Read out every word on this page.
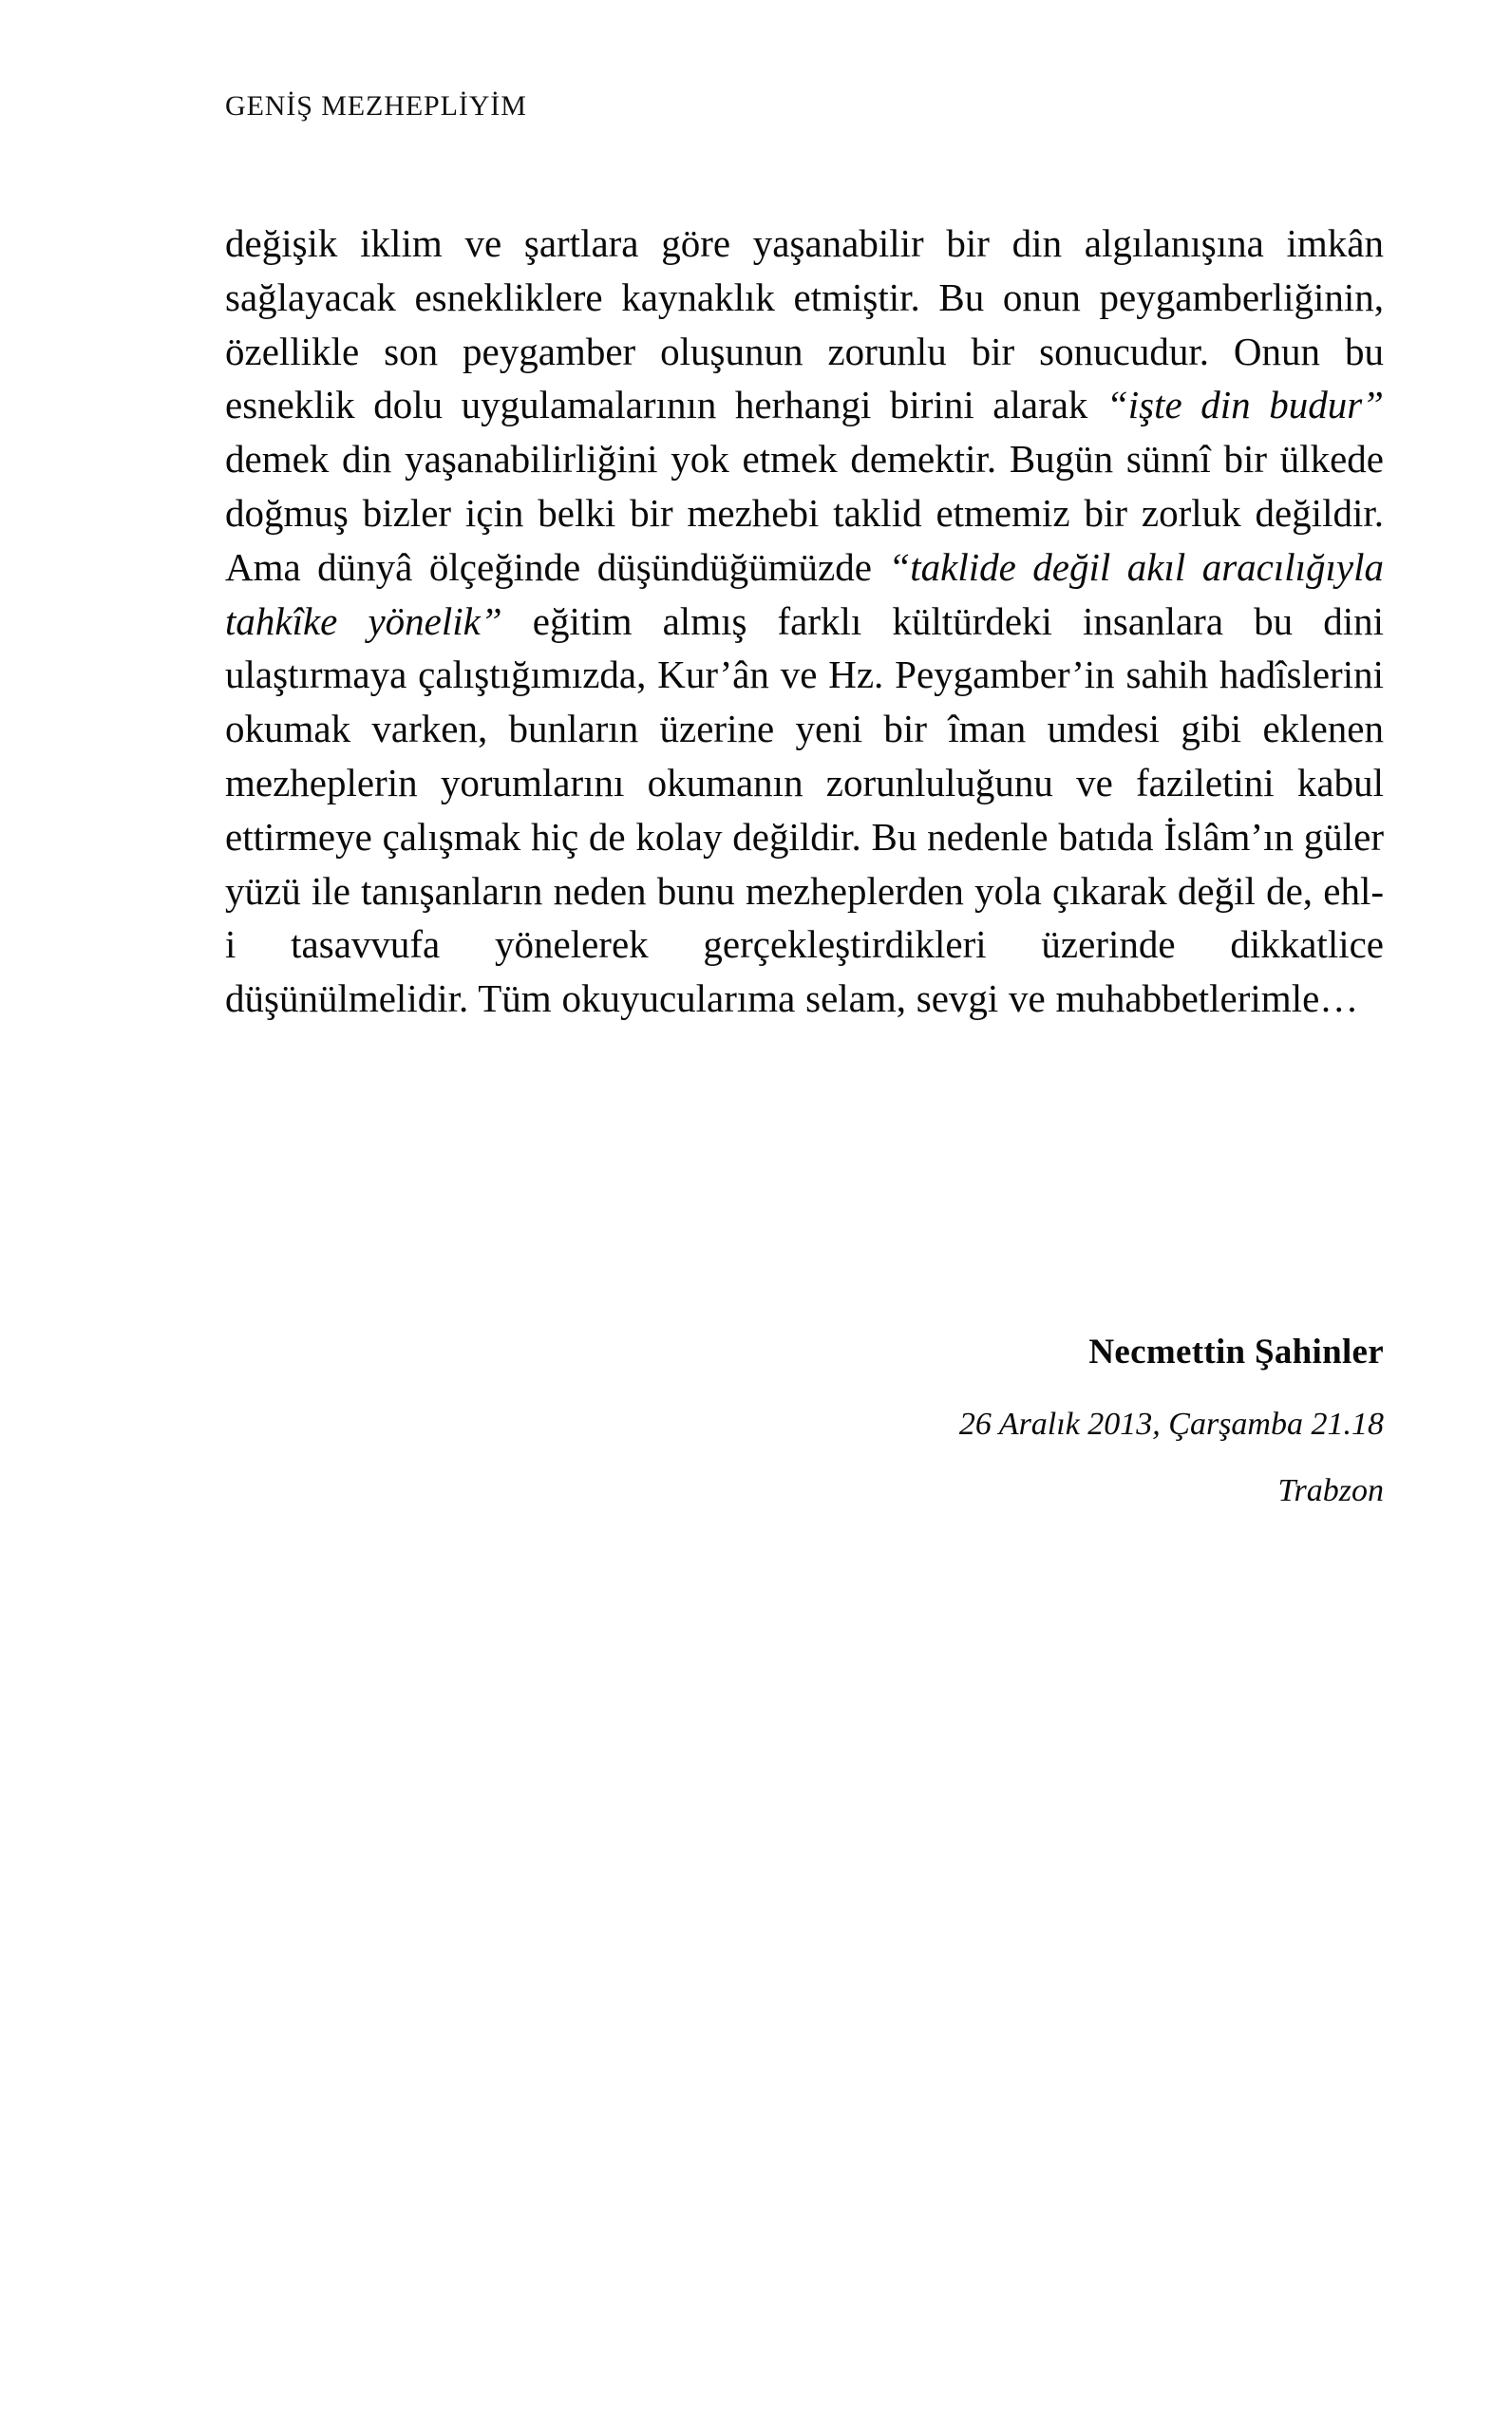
GENİŞ MEZHEPLİYİM

değişik iklim ve şartlara göre yaşanabilir bir din algılanışına imkân sağlayacak esnekliklere kaynaklık etmiştir. Bu onun peygamberliğinin, özellikle son peygamber oluşunun zorunlu bir sonucudur. Onun bu esneklik dolu uygulamalarının herhangi birini alarak “işte din budur” demek din yaşanabilirliğini yok etmek demektir. Bugün sünnî bir ülkede doğmuş bizler için belki bir mezhebi taklid etmemiz bir zorluk değildir. Ama dünyâ ölçeğinde düşündüğümüzde “taklide değil akıl aracılığıyla tahkîke yönelik” eğitim almış farklı kültürdeki insanlara bu dini ulaştırmaya çalıştığımızda, Kur’ân ve Hz. Peygamber’in sahih hadîslerini okumak varken, bunların üzerine yeni bir îman umdesi gibi eklenen mezheplerin yorumlarını okumanın zorunluluğunu ve faziletini kabul ettirmeye çalışmak hiç de kolay değildir. Bu nedenle batıda İslâm’ın güler yüzü ile tanışanların neden bunu mezheplerden yola çıkarak değil de, ehl-i tasavvufa yönelerek gerçekleştirdikleri üzerinde dikkatlice düşünülmelidir. Tüm okuyucularıma selam, sevgi ve muhabbetlerimle…

Necmettin Şahinler
26 Aralık 2013, Çarşamba 21.18
Trabzon
